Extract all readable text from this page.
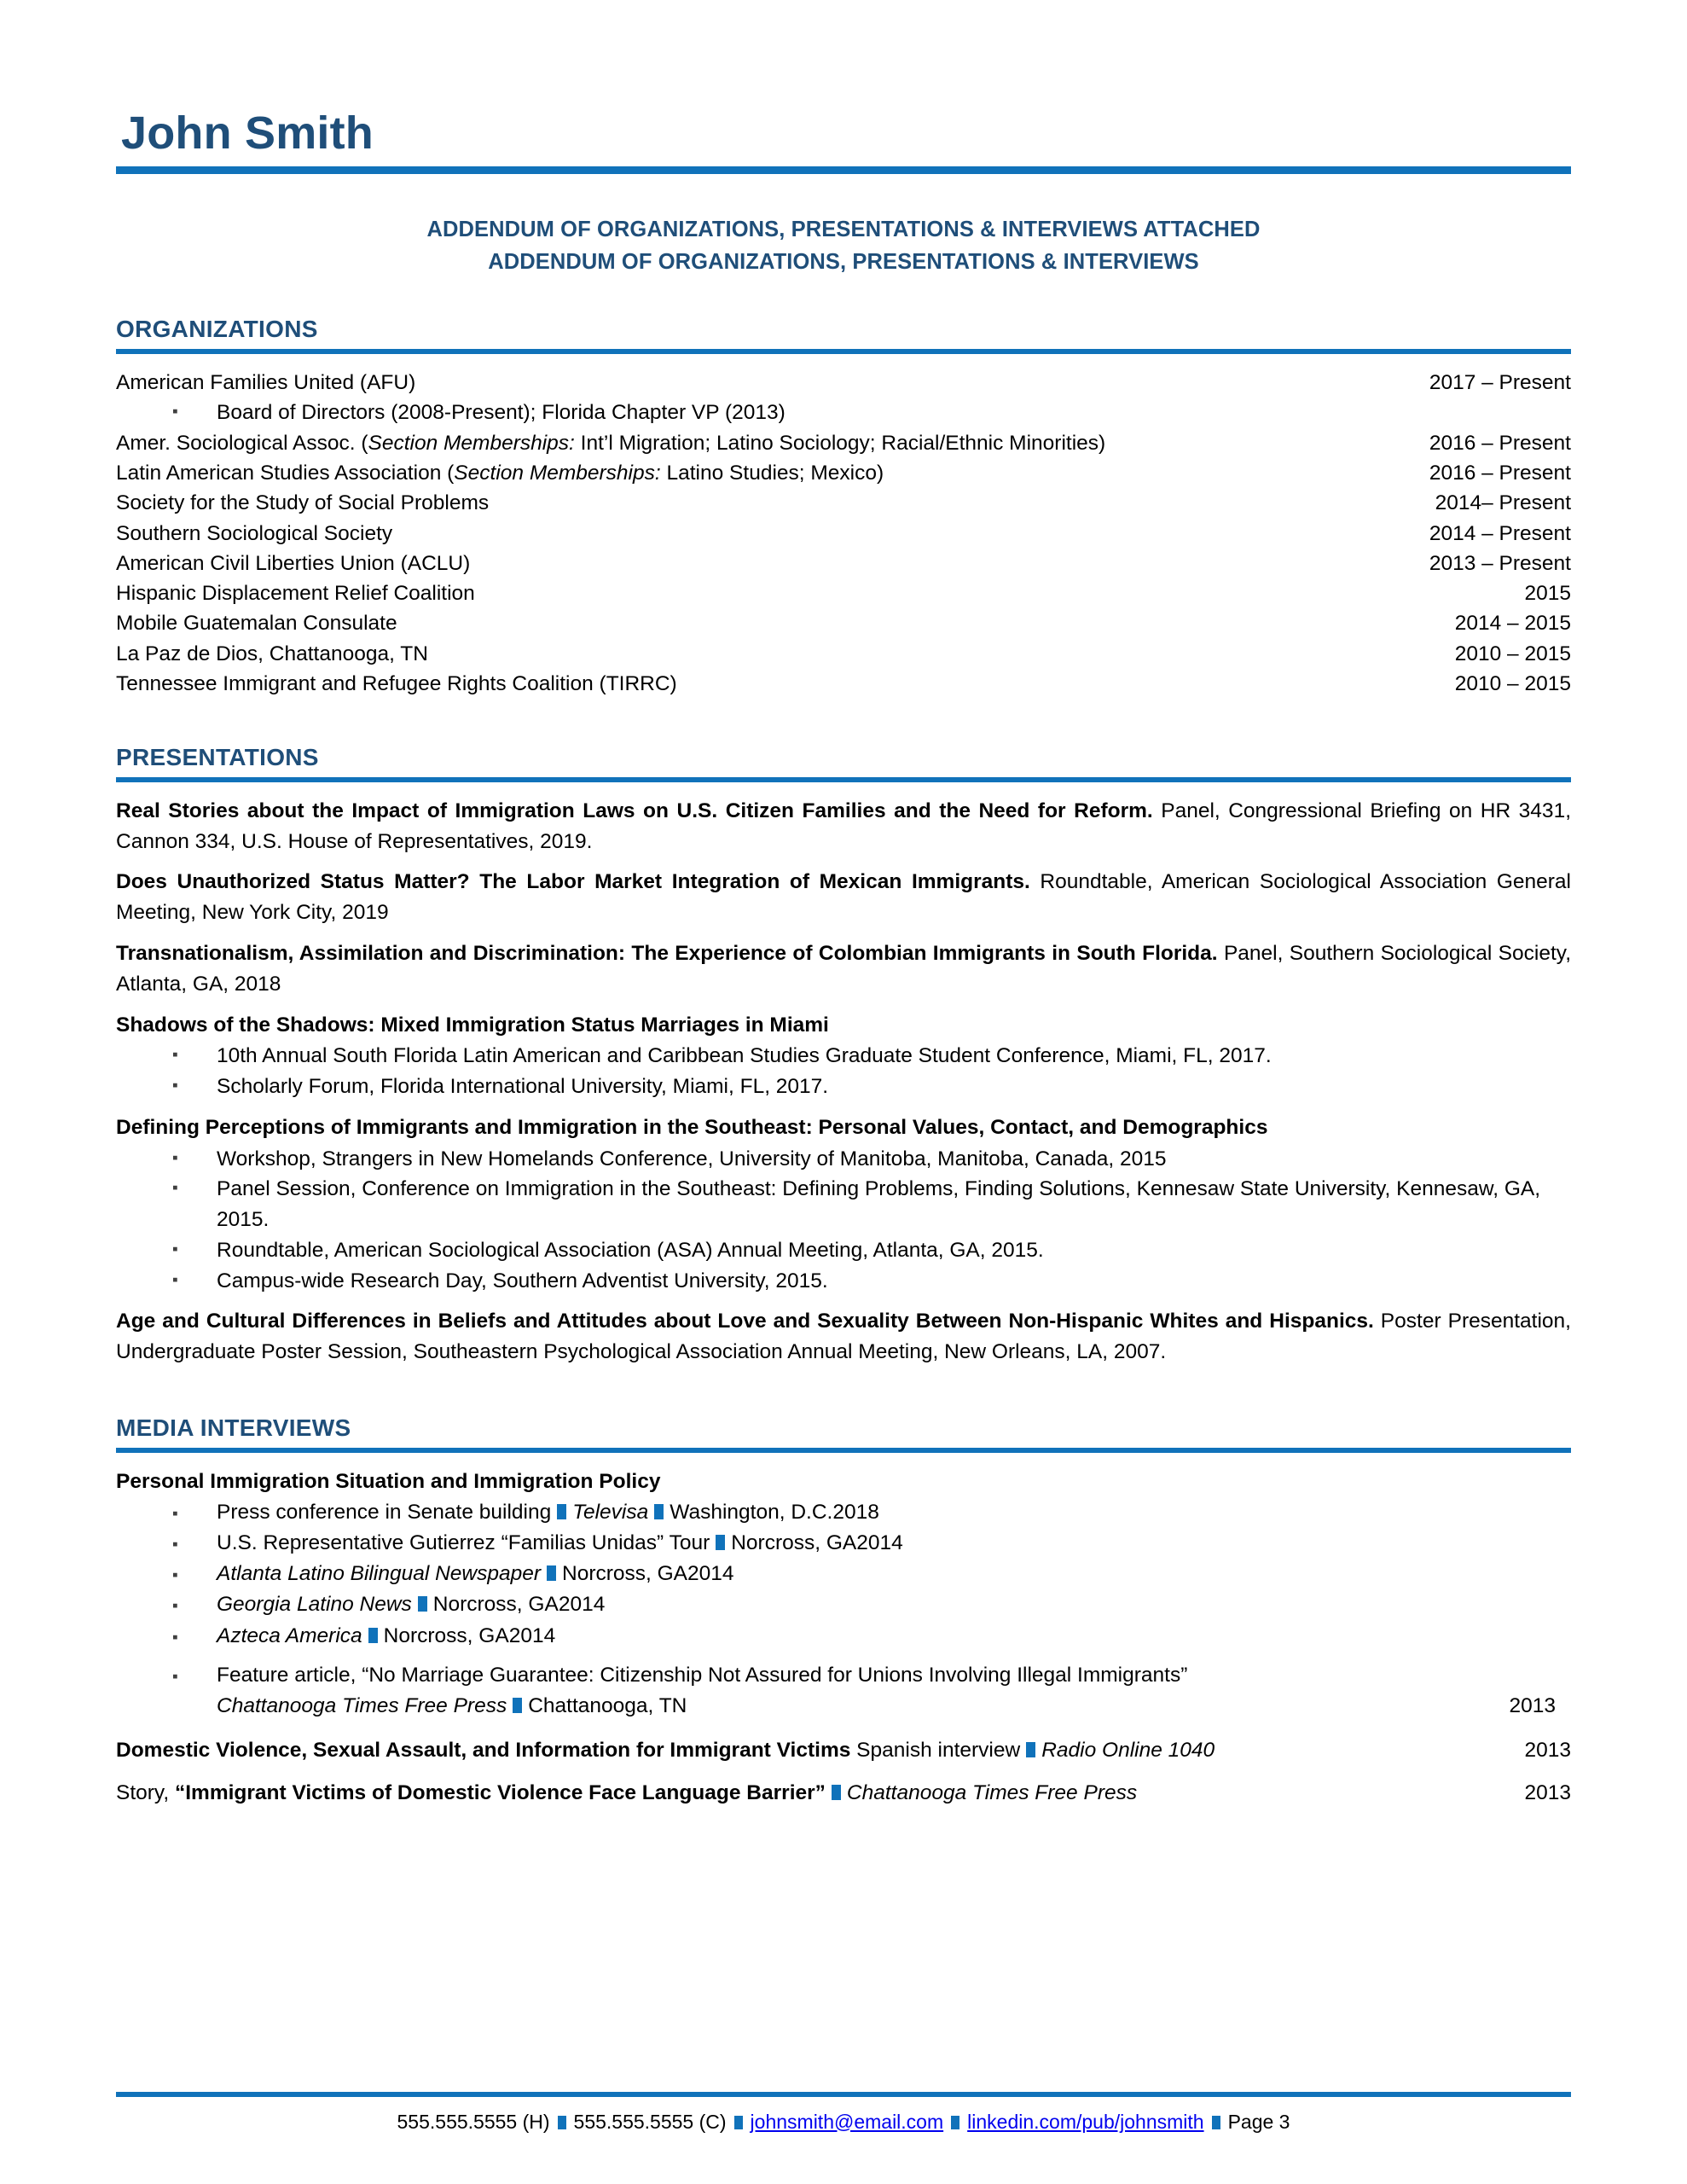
John Smith
ADDENDUM OF ORGANIZATIONS, PRESENTATIONS & INTERVIEWS ATTACHED
ADDENDUM OF ORGANIZATIONS, PRESENTATIONS & INTERVIEWS
ORGANIZATIONS
American Families United (AFU)	2017 – Present
▪	Board of Directors (2008-Present); Florida Chapter VP (2013)
Amer. Sociological Assoc. (Section Memberships: Int’l Migration; Latino Sociology; Racial/Ethnic Minorities)	2016 – Present
Latin American Studies Association (Section Memberships: Latino Studies; Mexico)	2016 – Present
Society for the Study of Social Problems	2014– Present
Southern Sociological Society	2014 – Present
American Civil Liberties Union (ACLU)	2013 – Present
Hispanic Displacement Relief Coalition	2015
Mobile Guatemalan Consulate	2014 – 2015
La Paz de Dios, Chattanooga, TN	2010 – 2015
Tennessee Immigrant and Refugee Rights Coalition (TIRRC)	2010 – 2015
PRESENTATIONS
Real Stories about the Impact of Immigration Laws on U.S. Citizen Families and the Need for Reform. Panel, Congressional Briefing on HR 3431, Cannon 334, U.S. House of Representatives, 2019.
Does Unauthorized Status Matter? The Labor Market Integration of Mexican Immigrants. Roundtable, American Sociological Association General Meeting, New York City, 2019
Transnationalism, Assimilation and Discrimination: The Experience of Colombian Immigrants in South Florida. Panel, Southern Sociological Society, Atlanta, GA, 2018
Shadows of the Shadows: Mixed Immigration Status Marriages in Miami
▪	10th Annual South Florida Latin American and Caribbean Studies Graduate Student Conference, Miami, FL, 2017.
▪	Scholarly Forum, Florida International University, Miami, FL, 2017.
Defining Perceptions of Immigrants and Immigration in the Southeast: Personal Values, Contact, and Demographics
▪	Workshop, Strangers in New Homelands Conference, University of Manitoba, Manitoba, Canada, 2015
▪	Panel Session, Conference on Immigration in the Southeast: Defining Problems, Finding Solutions, Kennesaw State University, Kennesaw, GA, 2015.
▪	Roundtable, American Sociological Association (ASA) Annual Meeting, Atlanta, GA, 2015.
▪	Campus-wide Research Day, Southern Adventist University, 2015.
Age and Cultural Differences in Beliefs and Attitudes about Love and Sexuality Between Non-Hispanic Whites and Hispanics. Poster Presentation, Undergraduate Poster Session, Southeastern Psychological Association Annual Meeting, New Orleans, LA, 2007.
MEDIA INTERVIEWS
Personal Immigration Situation and Immigration Policy
▪	Press conference in Senate building Televisa Washington, D.C. 2018
▪	U.S. Representative Gutierrez “Familias Unidas” Tour Norcross, GA 2014
▪	Atlanta Latino Bilingual Newspaper Norcross, GA 2014
▪	Georgia Latino News Norcross, GA 2014
▪	Azteca America Norcross, GA 2014
▪	Feature article, “No Marriage Guarantee: Citizenship Not Assured for Unions Involving Illegal Immigrants”
Chattanooga Times Free Press Chattanooga, TN	2013
Domestic Violence, Sexual Assault, and Information for Immigrant Victims Spanish interview Radio Online 1040	2013
Story, “Immigrant Victims of Domestic Violence Face Language Barrier” Chattanooga Times Free Press	2013
555.555.5555 (H) 555.555.5555 (C) johnsmith@email.com linkedin.com/pub/johnsmith Page 3
